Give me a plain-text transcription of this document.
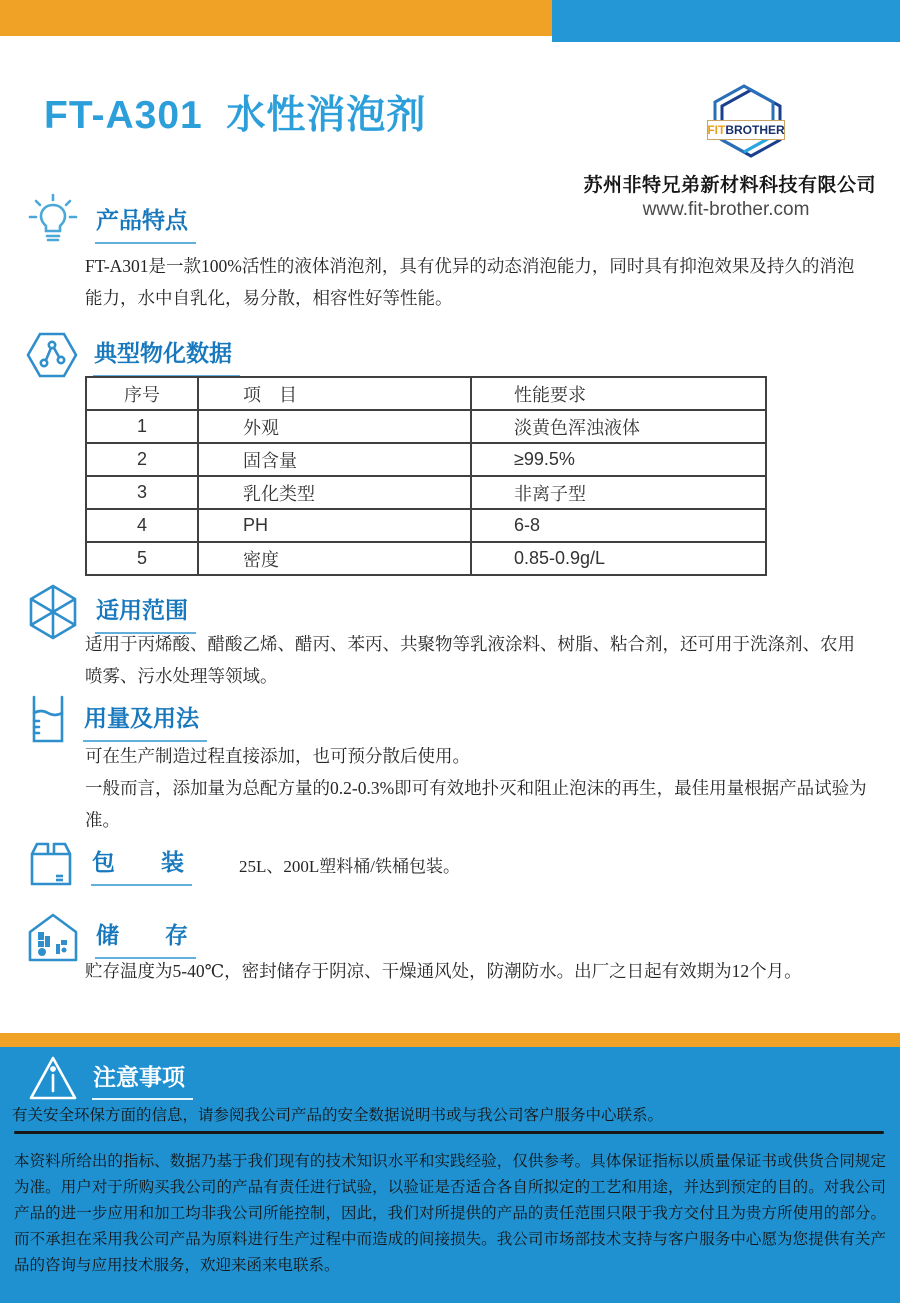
FT-A301  水性消泡剂	FIT BROTHER
苏州非特兄弟新材料科技有限公司
www.fit-brother.com
产品特点
FT-A301是一款100%活性的液体消泡剂，具有优异的动态消泡能力，同时具有抑泡效果及持久的消泡能力，水中自乳化，易分散，相容性好等性能。
典型物化数据
序号	项　目	性能要求
1	外观	淡黄色浑浊液体
2	固含量	≥99.5%
3	乳化类型	非离子型
4	PH	6-8
5	密度	0.85-0.9g/L
适用范围
适用于丙烯酸、醋酸乙烯、醋丙、苯丙、共聚物等乳液涂料、树脂、粘合剂，还可用于洗涤剂、农用喷雾、污水处理等领域。
用量及用法
可在生产制造过程直接添加，也可预分散后使用。
一般而言，添加量为总配方量的0.2-0.3%即可有效地扑灭和阻止泡沫的再生，最佳用量根据产品试验为准。
包　　装	25L、200L塑料桶/铁桶包装。
储　　存
贮存温度为5-40℃，密封储存于阴凉、干燥通风处，防潮防水。出厂之日起有效期为12个月。
注意事项
有关安全环保方面的信息，请参阅我公司产品的安全数据说明书或与我公司客户服务中心联系。
本资料所给出的指标、数据乃基于我们现有的技术知识水平和实践经验，仅供参考。具体保证指标以质量保证书或供货合同规定为准。用户对于所购买我公司的产品有责任进行试验，以验证是否适合各自所拟定的工艺和用途，并达到预定的目的。对我公司产品的进一步应用和加工均非我公司所能控制，因此，我们对所提供的产品的责任范围只限于我方交付且为贵方所使用的部分。而不承担在采用我公司产品为原料进行生产过程中而造成的间接损失。我公司市场部技术支持与客户服务中心愿为您提供有关产品的咨询与应用技术服务，欢迎来函来电联系。
